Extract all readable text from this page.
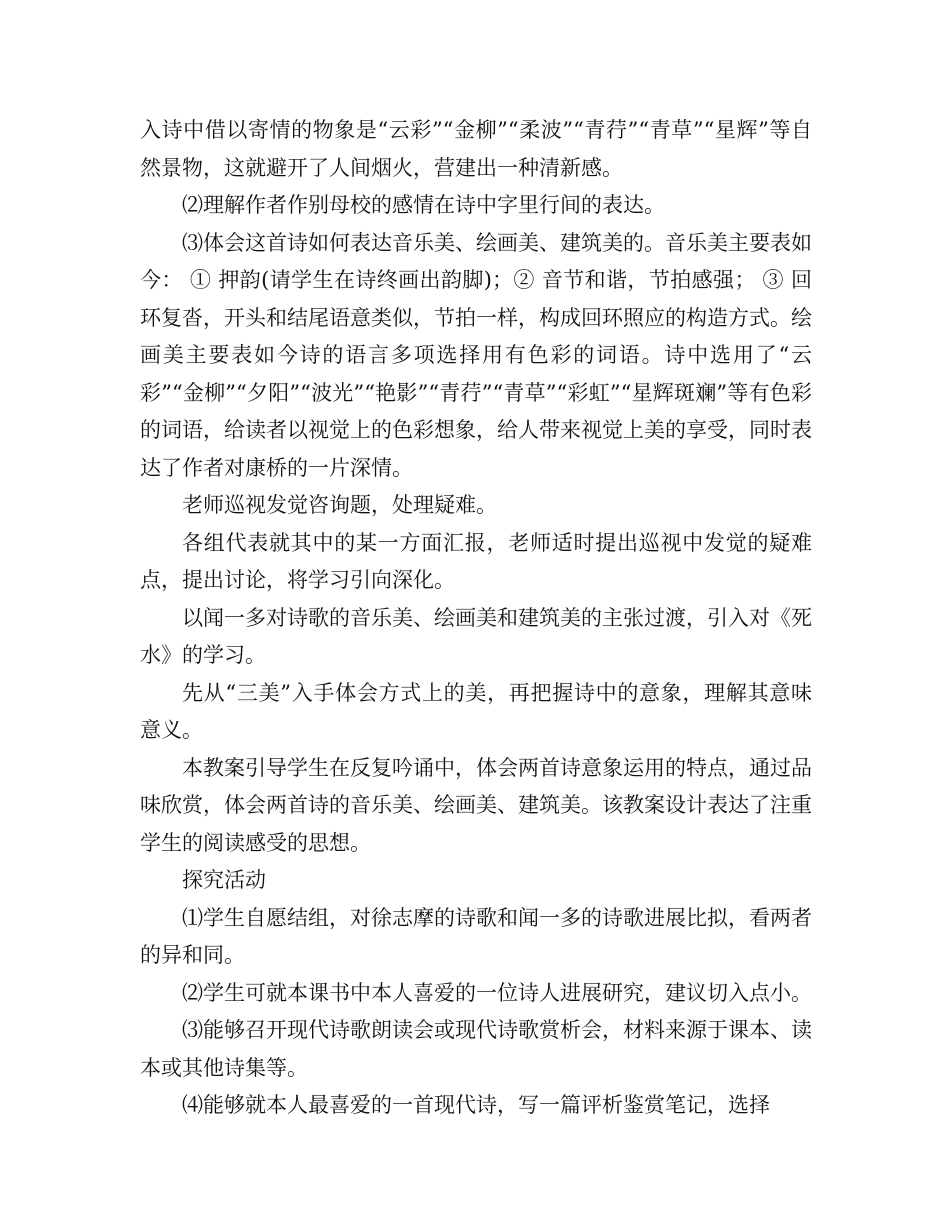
入诗中借以寄情的物象是“云彩”“金柳”“柔波”“青荇”“青草”“星辉”等自然景物，这就避开了人间烟火，营建出一种清新感。

⑵理解作者作别母校的感情在诗中字里行间的表达。

⑶体会这首诗如何表达音乐美、绘画美、建筑美的。音乐美主要表如今： ① 押韵(请学生在诗终画出韵脚)；② 音节和谐，节拍感强； ③ 回环复沓，开头和结尾语意类似，节拍一样，构成回环照应的构造方式。绘画美主要表如今诗的语言多项选择用有色彩的词语。诗中选用了“云彩”“金柳”“夕阳”“波光”“艳影”“青荇”“青草”“彩虹”“星辉斑斓”等有色彩的词语，给读者以视觉上的色彩想象，给人带来视觉上美的享受，同时表达了作者对康桥的一片深情。

老师巡视发觉咨询题，处理疑难。

各组代表就其中的某一方面汇报，老师适时提出巡视中发觉的疑难点，提出讨论，将学习引向深化。

以闻一多对诗歌的音乐美、绘画美和建筑美的主张过渡，引入对《死水》的学习。

先从“三美”入手体会方式上的美，再把握诗中的意象，理解其意味意义。

本教案引导学生在反复吟诵中，体会两首诗意象运用的特点，通过品味欣赏，体会两首诗的音乐美、绘画美、建筑美。该教案设计表达了注重学生的阅读感受的思想。

探究活动

⑴学生自愿结组，对徐志摩的诗歌和闻一多的诗歌进展比拟，看两者的异和同。

⑵学生可就本课书中本人喜爱的一位诗人进展研究，建议切入点小。

⑶能够召开现代诗歌朗读会或现代诗歌赏析会，材料来源于课本、读本或其他诗集等。

⑷能够就本人最喜爱的一首现代诗，写一篇评析鉴赏笔记，选择
